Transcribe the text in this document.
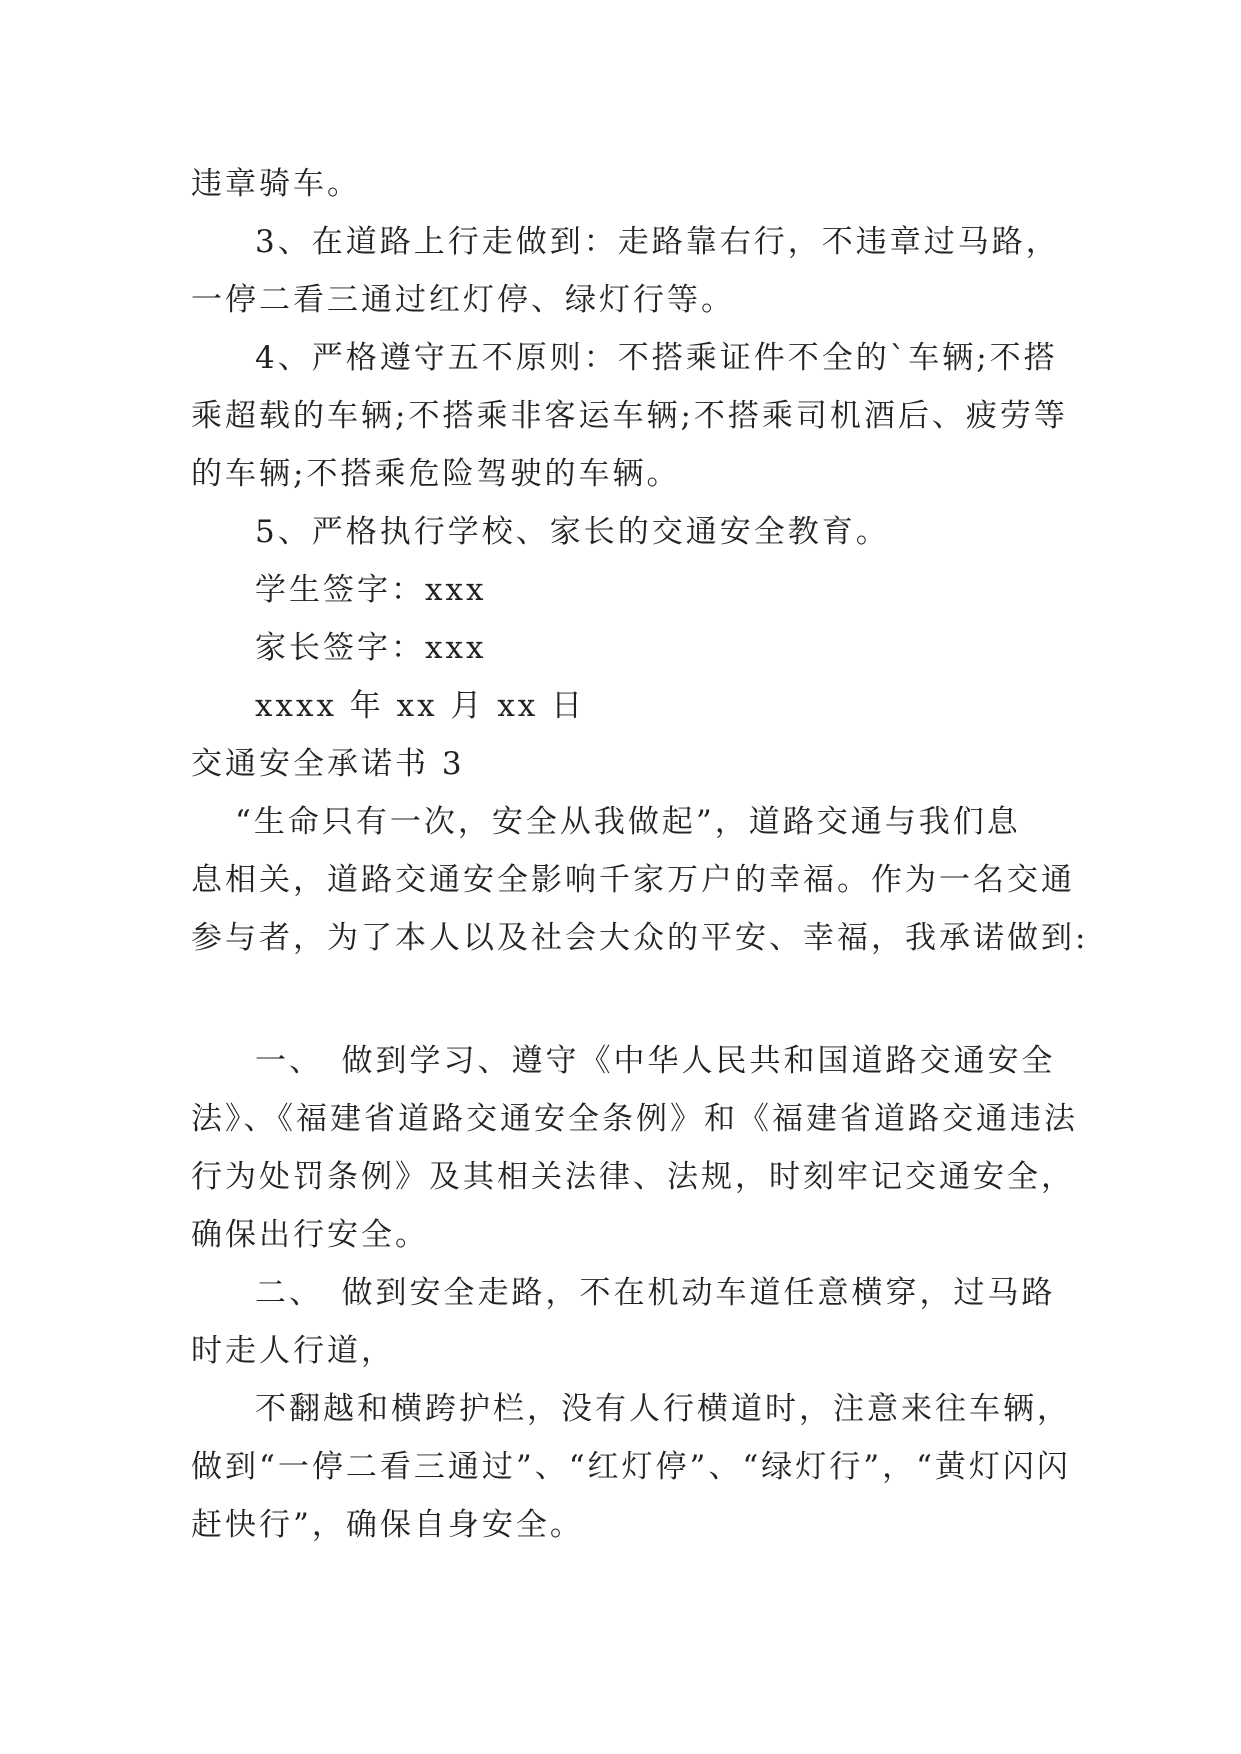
违章骑车。
3、在道路上行走做到：走路靠右行，不违章过马路，
一停二看三通过红灯停、绿灯行等。
4、严格遵守五不原则：不搭乘证件不全的`车辆;不搭
乘超载的车辆;不搭乘非客运车辆;不搭乘司机酒后、疲劳等
的车辆;不搭乘危险驾驶的车辆。
5、严格执行学校、家长的交通安全教育。
学生签字：xxx
家长签字：xxx
xxxx 年 xx 月 xx 日
交通安全承诺书 3
“生命只有一次，安全从我做起”，道路交通与我们息
息相关，道路交通安全影响千家万户的幸福。作为一名交通
参与者，为了本人以及社会大众的平安、幸福，我承诺做到:
一、　做到学习、遵守《中华人民共和国道路交通安全
法》、《福建省道路交通安全条例》和《福建省道路交通违法
行为处罚条例》及其相关法律、法规，时刻牢记交通安全，
确保出行安全。
二、　做到安全走路，不在机动车道任意横穿，过马路
时走人行道，
不翻越和横跨护栏，没有人行横道时，注意来往车辆，
做到“一停二看三通过”、“红灯停”、“绿灯行”，“黄灯闪闪
赶快行”，确保自身安全。
